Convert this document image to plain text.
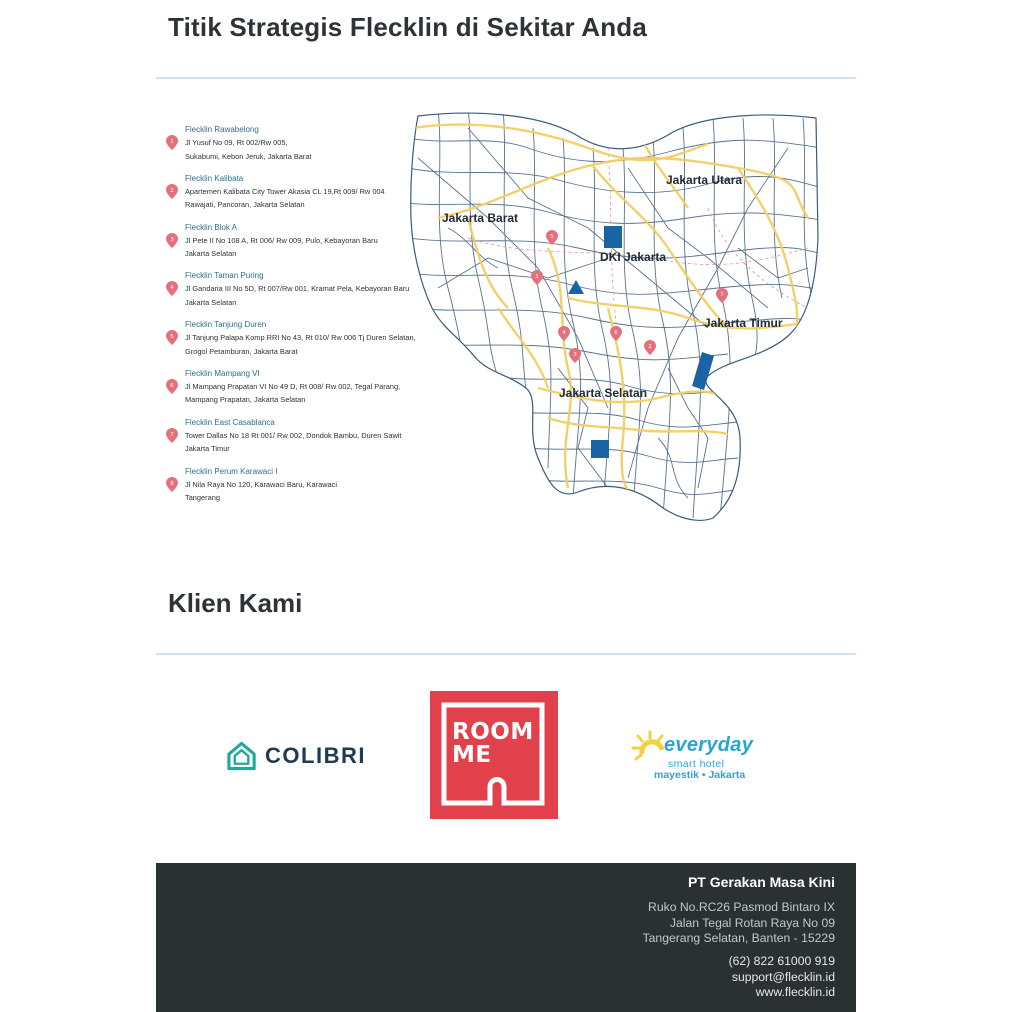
Titik Strategis Flecklin di Sekitar Anda
1
Flecklin Rawabelong
Jl Yusuf No 09, Rt 002/Rw 005,
Sukabumi, Kebon Jeruk, Jakarta Barat
2
Flecklin Kalibata
Apartemen Kalibata City Tower Akasia CL 19,Rt 009/ Rw 004
Rawajati, Pancoran, Jakarta Selatan
3
Flecklin Blok A
Jl Pete II No 108 A, Rt 006/ Rw 009, Pulo, Kebayoran Baru
Jakarta Selatan
4
Flecklin Taman Puring
Jl Gandaria III No 5D, Rt 007/Rw 001, Kramat Pela, Kebayoran Baru
Jakarta Selatan
5
Flecklin Tanjung Duren
Jl Tanjung Palapa Komp RRI No 43, Rt 010/ Rw 006 Tj Duren Selatan,
Grogol Petamburan, Jakarta Barat
6
Flecklin Mampang VI
Jl Mampang Prapatan VI No 49 D, Rt 008/ Rw 002, Tegal Parang,
Mampang Prapatan, Jakarta Selatan
7
Flecklin East Casablanca
Tower Dallas No 18 Rt 001/ Rw 002, Dondok Bambu, Duren Sawit
Jakarta Timur
8
Flecklin Perum Karawaci I
Jl Nila Raya No 120, Karawaci Baru, Karawaci
Tangerang
Jakarta Utara
Jakarta Barat
DKI Jakarta
Jakarta Timur
Jakarta Selatan
5
1
4	6
3
2
7
Klien Kami
COLIBRI
ROOM
ME	everyday
smart hotel
mayestik • Jakarta
PT Gerakan Masa Kini
Ruko No.RC26 Pasmod Bintaro IX
Jalan Tegal Rotan Raya No 09
Tangerang Selatan, Banten - 15229
(62) 822 61000 919
support@flecklin.id
www.flecklin.id
